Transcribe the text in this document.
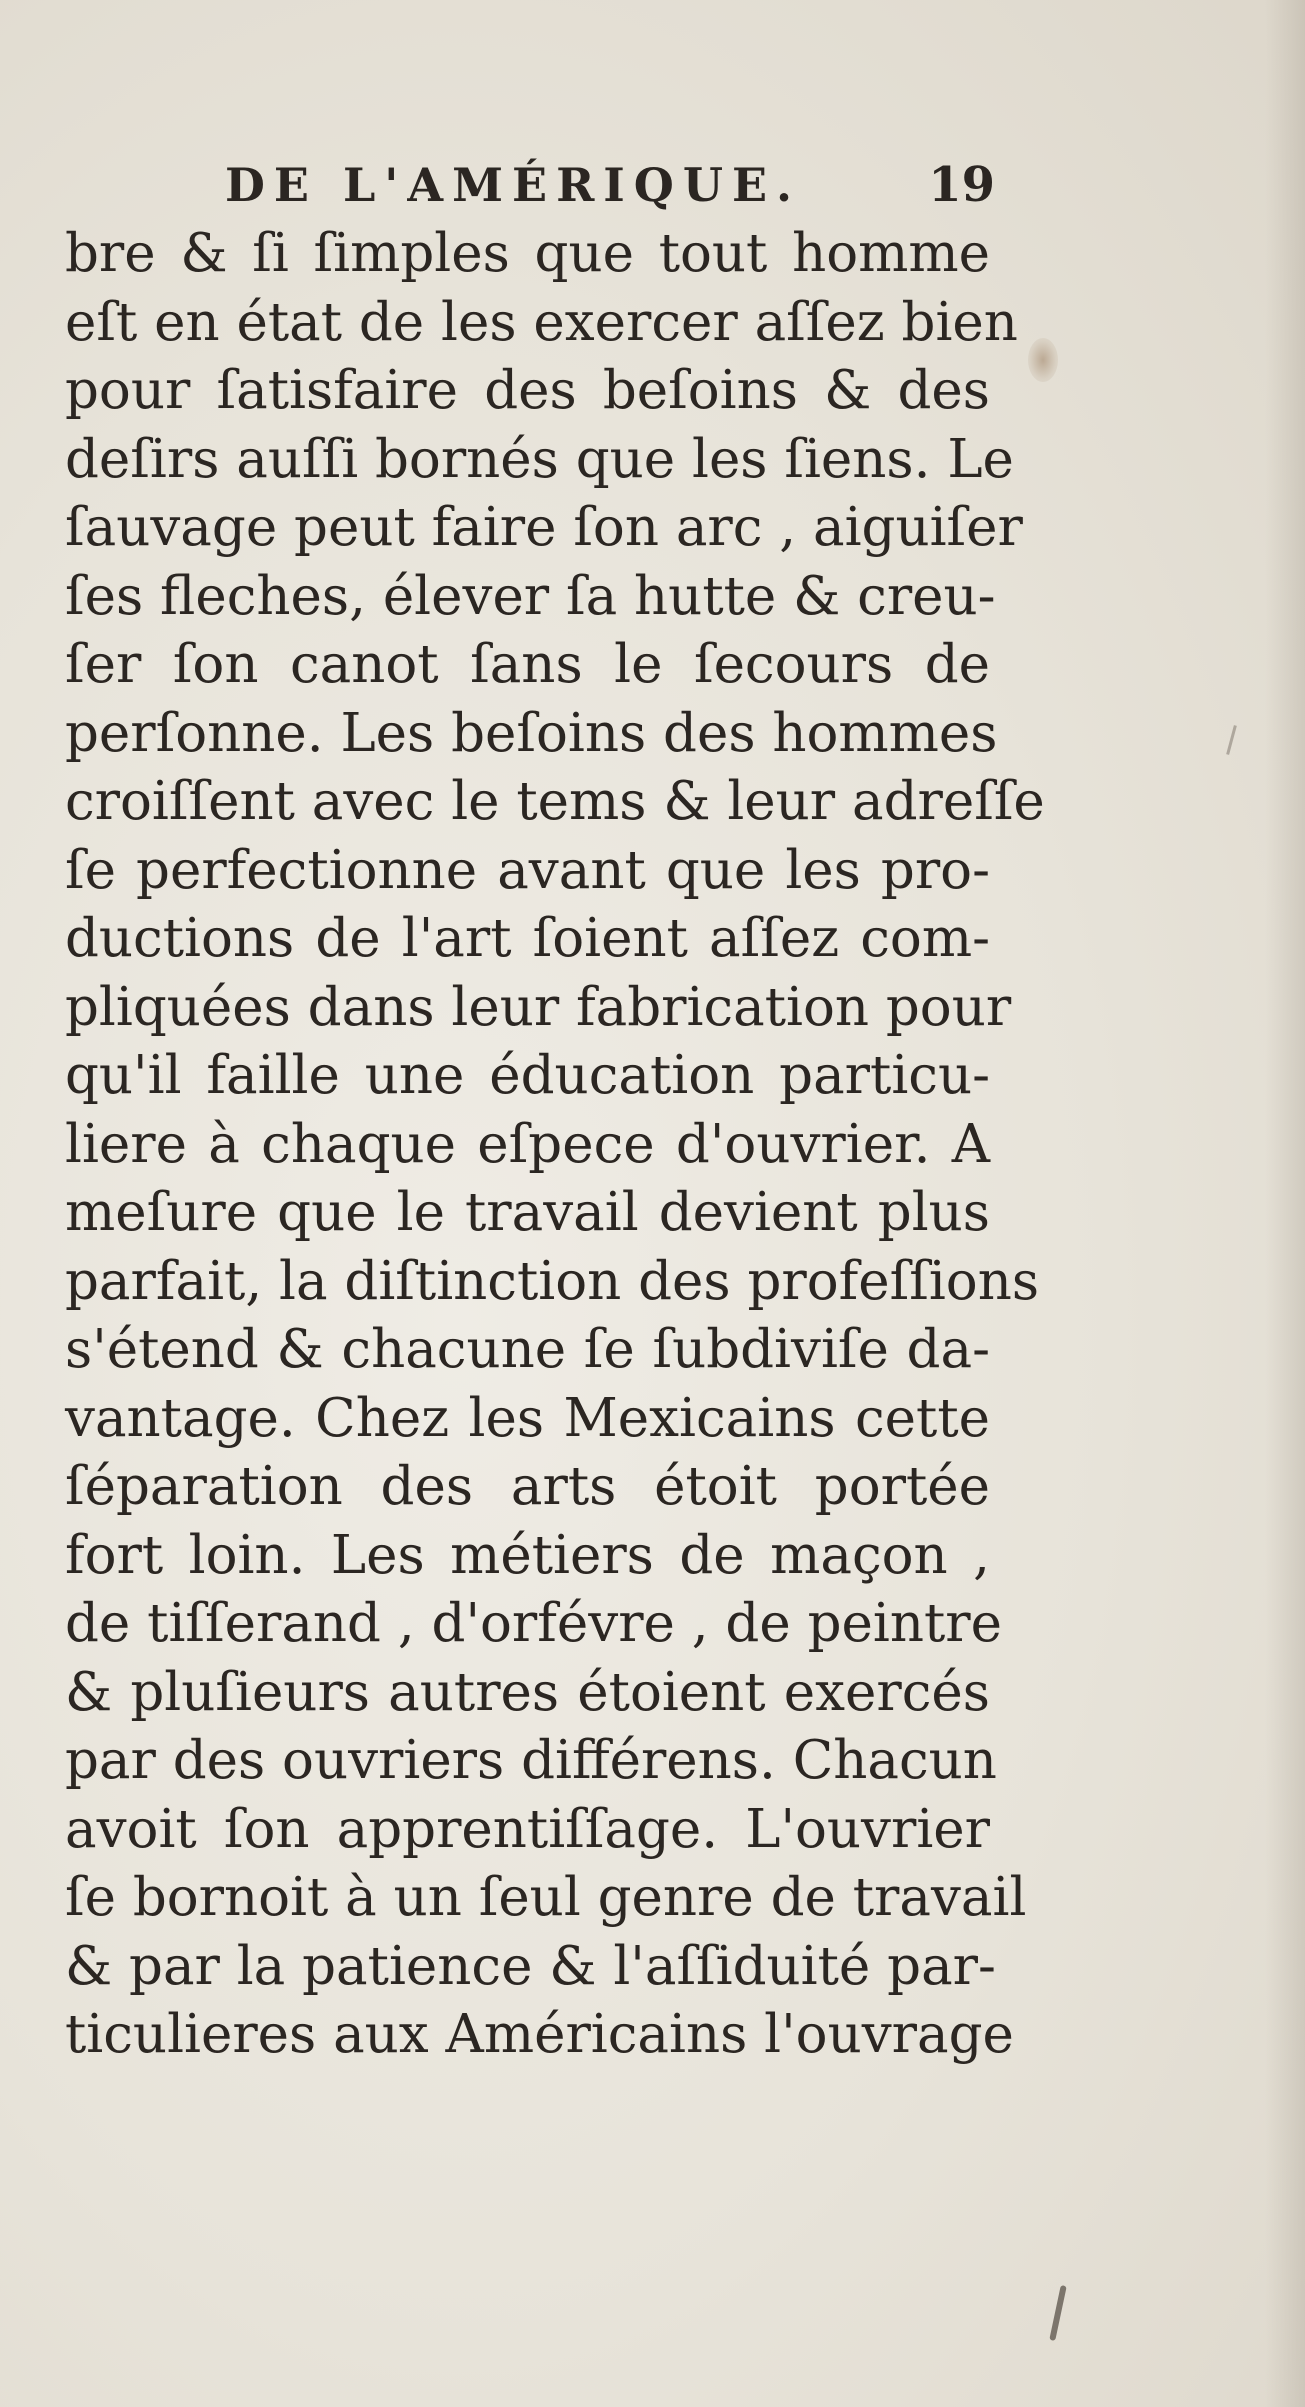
DE L'AMÉRIQUE.	19
bre & ſi ſimples que tout homme
eſt en état de les exercer aſſez bien
pour ſatisfaire des beſoins & des
deſirs auſſi bornés que les ſiens. Le
ſauvage peut faire ſon arc , aiguiſer
ſes fleches, élever ſa hutte & creu-
ſer ſon canot ſans le ſecours de
perſonne. Les beſoins des hommes
croiſſent avec le tems & leur adreſſe
ſe perfectionne avant que les pro-
ductions de l'art ſoient aſſez com-
pliquées dans leur fabrication pour
qu'il faille une éducation particu-
liere à chaque eſpece d'ouvrier. A
meſure que le travail devient plus
parfait, la diſtinction des profeſſions
s'étend & chacune ſe ſubdiviſe da-
vantage. Chez les Mexicains cette
ſéparation des arts étoit portée
fort loin. Les métiers de maçon ,
de tiſſerand , d'orfévre , de peintre
& pluſieurs autres étoient exercés
par des ouvriers différens. Chacun
avoit ſon apprentiſſage. L'ouvrier
ſe bornoit à un ſeul genre de travail
& par la patience & l'aſſiduité par-
ticulieres aux Américains l'ouvrage
